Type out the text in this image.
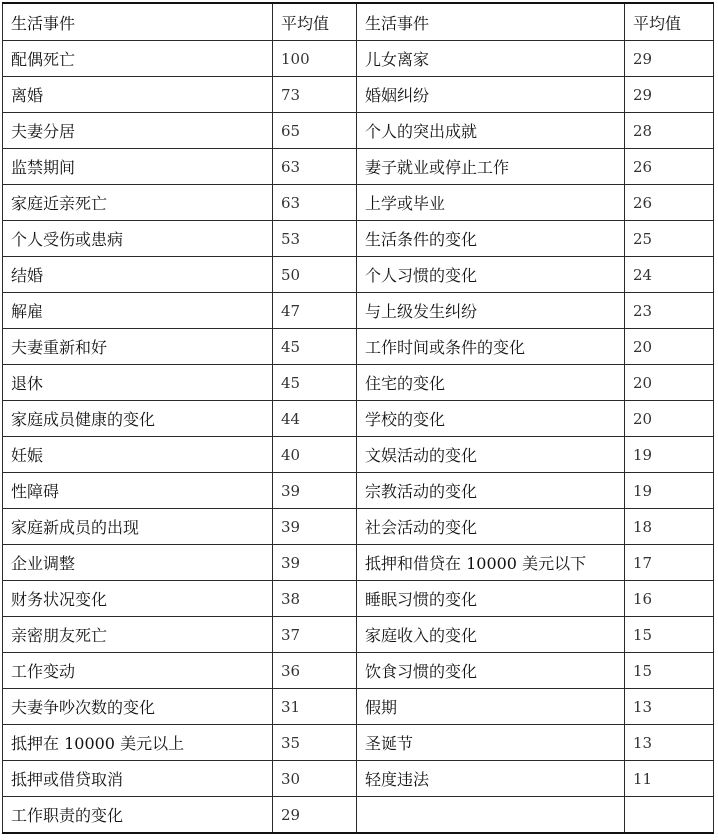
生活事件	平均值	生活事件	平均值
配偶死亡	100	儿女离家	29
离婚	73	婚姻纠纷	29
夫妻分居	65	个人的突出成就	28
监禁期间	63	妻子就业或停止工作	26
家庭近亲死亡	63	上学或毕业	26
个人受伤或患病	53	生活条件的变化	25
结婚	50	个人习惯的变化	24
解雇	47	与上级发生纠纷	23
夫妻重新和好	45	工作时间或条件的变化	20
退休	45	住宅的变化	20
家庭成员健康的变化	44	学校的变化	20
妊娠	40	文娱活动的变化	19
性障碍	39	宗教活动的变化	19
家庭新成员的出现	39	社会活动的变化	18
企业调整	39	抵押和借贷在 10000 美元以下	17
财务状况变化	38	睡眠习惯的变化	16
亲密朋友死亡	37	家庭收入的变化	15
工作变动	36	饮食习惯的变化	15
夫妻争吵次数的变化	31	假期	13
抵押在 10000 美元以上	35	圣诞节	13
抵押或借贷取消	30	轻度违法	11
工作职责的变化	29		
